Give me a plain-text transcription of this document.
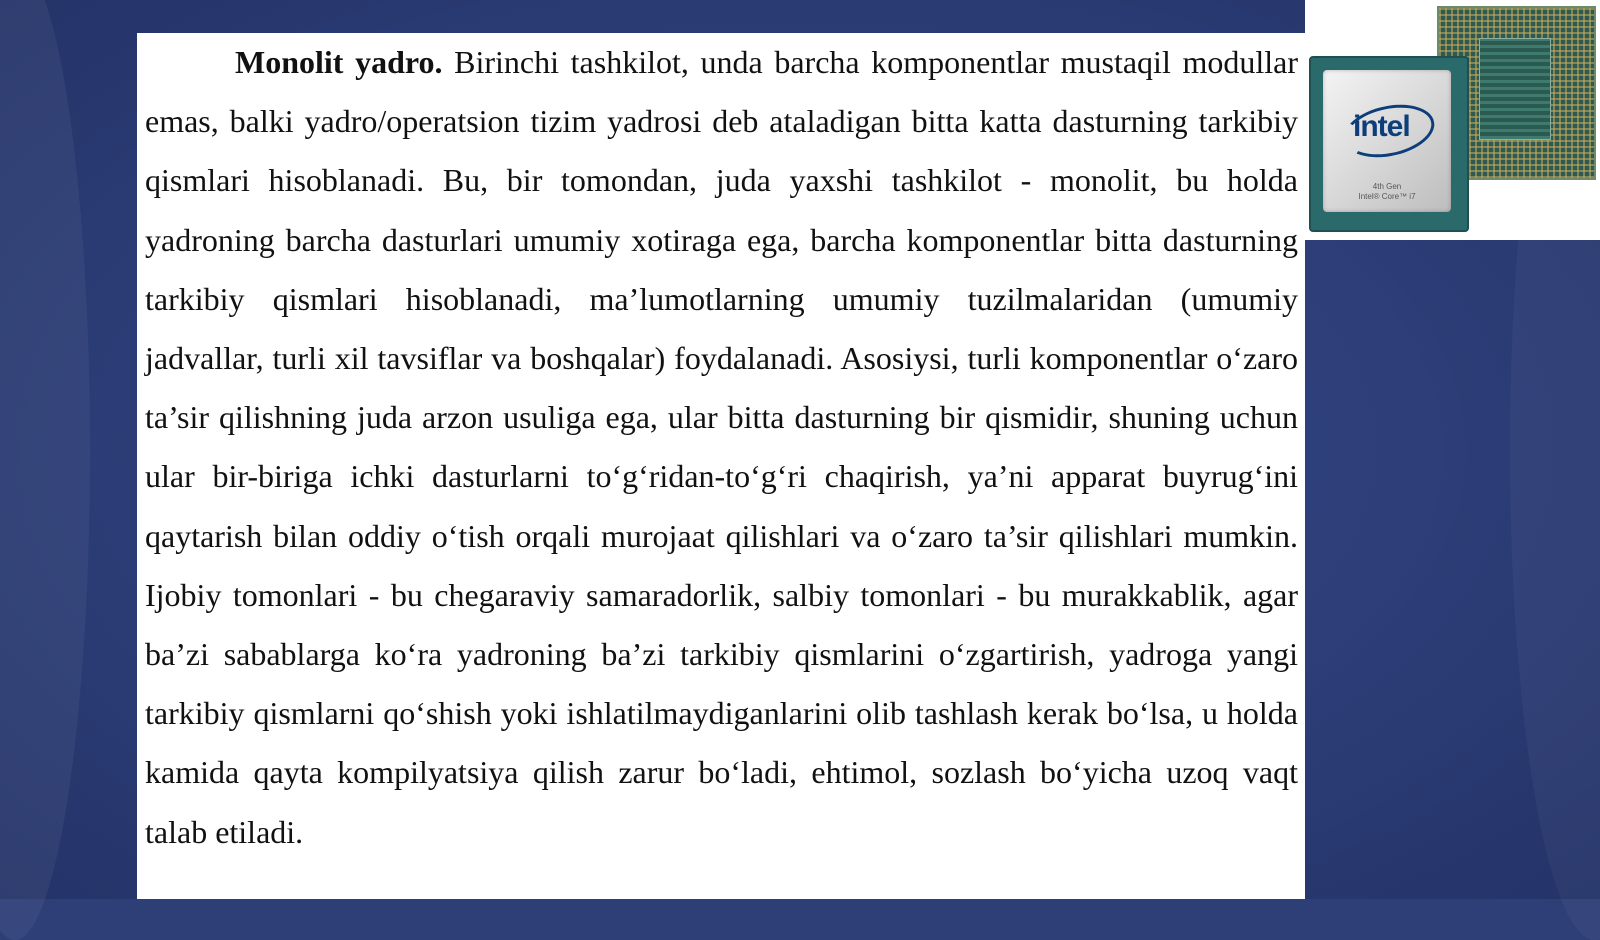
Monolit yadro. Birinchi tashkilot, unda barcha komponentlar mustaqil modullar emas, balki yadro/operatsion tizim yadrosi deb ataladigan bitta katta dasturning tarkibiy qismlari hisoblanadi. Bu, bir tomondan, juda yaxshi tashkilot - monolit, bu holda yadroning barcha dasturlari umumiy xotiraga ega, barcha komponentlar bitta dasturning tarkibiy qismlari hisoblanadi, ma’lumotlarning umumiy tuzilmalaridan (umumiy jadvallar, turli xil tavsiflar va boshqalar) foydalanadi. Asosiysi, turli komponentlar o‘zaro ta’sir qilishning juda arzon usuliga ega, ular bitta dasturning bir qismidir, shuning uchun ular bir-biriga ichki dasturlarni to‘g‘ridan-to‘g‘ri chaqirish, ya’ni apparat buyrug‘ini qaytarish bilan oddiy o‘tish orqali murojaat qilishlari va o‘zaro ta’sir qilishlari mumkin. Ijobiy tomonlari - bu chegaraviy samaradorlik, salbiy tomonlari - bu murakkablik, agar ba’zi sabablarga ko‘ra yadroning ba’zi tarkibiy qismlarini o‘zgartirish, yadroga yangi tarkibiy qismlarni qo‘shish yoki ishlatilmaydiganlarini olib tashlash kerak bo‘lsa, u holda kamida qayta kompilyatsiya qilish zarur bo‘ladi, ehtimol, sozlash bo‘yicha uzoq vaqt talab etiladi.

intel
4th Gen
Intel® Core™ i7
